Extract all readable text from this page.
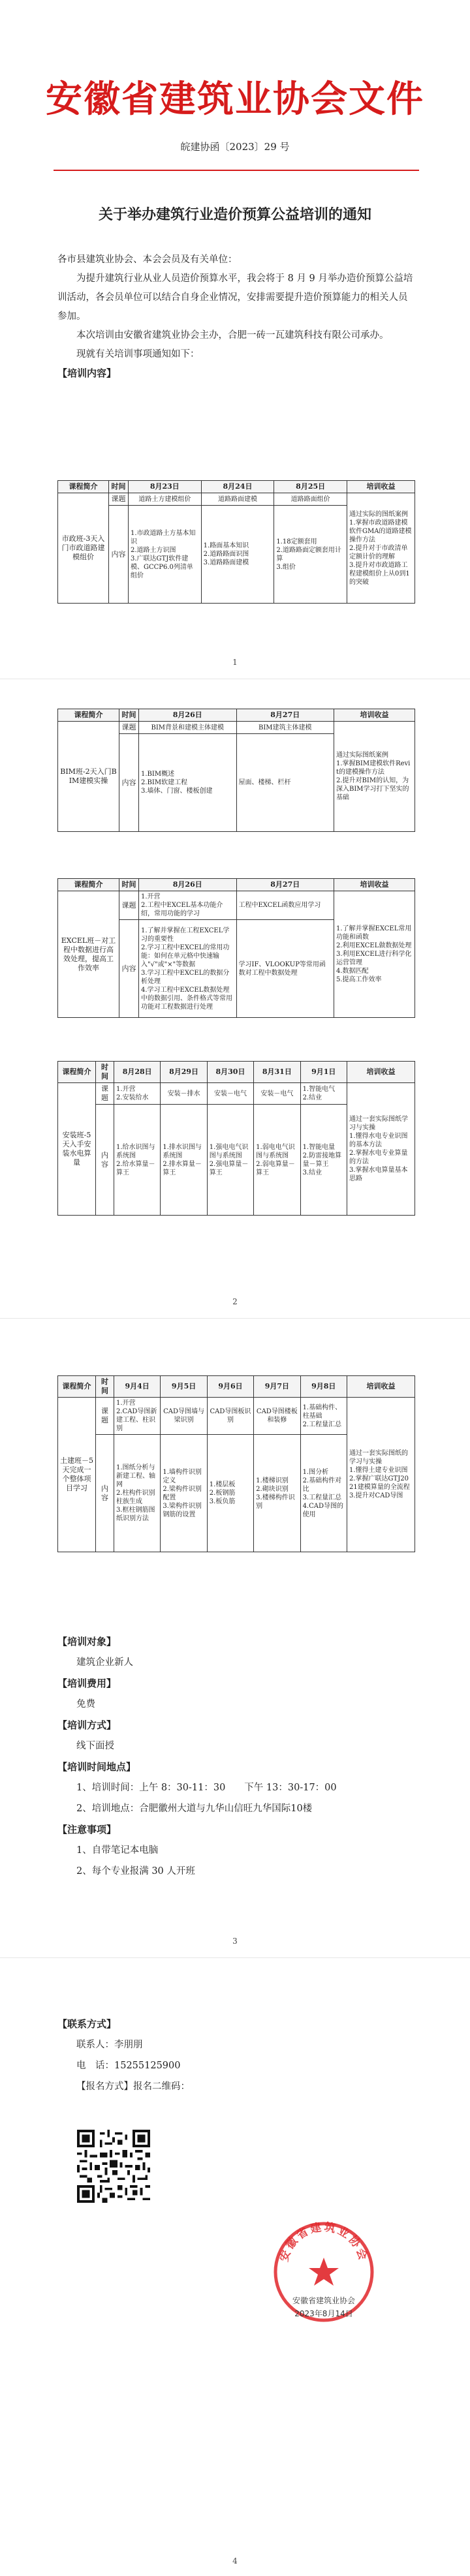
安徽省建筑业协会文件
皖建协函〔2023〕29 号
关于举办建筑行业造价预算公益培训的通知

各市县建筑业协会、本会会员及有关单位：

为提升建筑行业从业人员造价预算水平，我会将于 8 月 9 月举办造价预算公益培训活动，各会员单位可以结合自身企业情况，安排需要提升造价预算能力的相关人员参加。

本次培训由安徽省建筑业协会主办，合肥一砖一瓦建筑科技有限公司承办。

现就有关培训事项通知如下：

【培训内容】

课程简介	时间	8月23日	8月24日	8月25日	培训收益
市政班-3天入门市政道路建模组价	课题	道路土方建模组价	道路路面建模	道路路面组价	通过实际的图纸案例
1.掌握市政道路建模软件GMA的道路建模操作方法
2.提升对于市政清单定额计价的理解
3.提升对市政道路工程建模组价上从0到1的突破
	内容	1.市政道路土方基本知识
2.道路土方识图
3.广联达GTJ软件建模、GCCP6.0列清单组价	1.路面基本知识
2.道路路面识图
3.道路路面建模	1.18定额套用
2.道路路面定额套用计算
3.组价	
1
课程简介	时间	8月26日	8月27日	培训收益
BIM班-2天入门BIM建模实操	课题	BIM背景和建模主体建模	BIM建筑主体建模	通过实际图纸案例
1.掌握BIM建模软件Revit的建模操作方法
2.提升对BIM的认知，为深入BIM学习打下坚实的基础
	内容	1.BIM概述
2.BIM软建工程
3.墙体、门窗、楼板创建	屋面、楼梯、栏杆	
课程简介	时间	8月26日	8月27日	培训收益
EXCEL班－对工程中数据进行高效处理，提高工作效率	课题	1.开营
2.工程中EXCEL基本功能介绍，常用功能的学习	工程中EXCEL函数应用学习	1.了解并掌握EXCEL常用功能和函数
2.利用EXCEL做数据处理
3.利用EXCEL进行科学化运营管理
4.数据匹配
5.提高工作效率
	内容	1.了解并掌握在工程EXCEL学习的重要性
2.学习工程中EXCEL的常用功能：如何在单元格中快速输入"√"或"×"等数据
3.学习工程中EXCEL的数据分析处理
4.学习工程中EXCEL数据处理中的数据引用、条件格式等常用功能对工程数据进行处理	学习IF、VLOOKUP等常用函数对工程中数据处理	
课程简介	时间	8月28日	8月29日	8月30日	8月31日	9月1日	培训收益
安装班-5天入手安装水电算量	课题	1.开营
2.安装给水	安装－排水	安装－电气	安装－电气	1.智能电气
2.结业	通过一套实际图纸学习与实操
1.懂得水电专业识图的基本方法
2.掌握水电专业算量的方法
3.掌握水电算量基本思路
	内容	1.给水识图与系统图
2.给水算量－算王	1.排水识图与系统图
2.排水算量－算王	1.强电电气识图与系统图
2.强电算量－算王	1.弱电电气识图与系统图
2.弱电算量－算王	1.智能电量
2.防雷接地算量－算王
3.结业	
2
课程简介	时间	9月4日	9月5日	9月6日	9月7日	9月8日	培训收益
土建班－5天完成一个整体项目学习	课题	1.开营
2.CAD导图新建工程、柱识别	CAD导图墙与梁识别	CAD导图板识别	CAD导图楼板和装修	1.基础构件、柱基础
2.工程量汇总	通过一套实际图纸的学习与实操
1.懂得土建专业识图
2.掌握广联达GTJ2021建模算量的全流程
3.提升对CAD导图
	内容	1.图纸分析与新建工程、轴网
2.柱构件识别柱族生成
3.框柱钢筋图纸识别方法	1.墙构件识别定义
2.梁构件识别配置
3.梁构件识别钢筋的设置	1.楼层板
2.板钢筋
3.板负筋	1.楼梯识别
2.砌块识别
3.楼梯构件识别	1.图分析
2.基础构件对比
3.工程量汇总
4.CAD导图的使用	

【培训对象】

建筑企业新人

【培训费用】

免费

【培训方式】

线下面授

【培训时间地点】

1、培训时间：上午 8：30-11：30　　下午 13：30-17：00

2、培训地点：合肥徽州大道与九华山信旺九华国际10楼

【注意事项】

1、自带笔记本电脑

2、每个专业报满 30 人开班

3

【联系方式】

联系人：李朋朋

电　话：15255125900

【报名方式】报名二维码：

安徽省建筑业协会
安徽省建筑业协会
2023年8月14日
4
